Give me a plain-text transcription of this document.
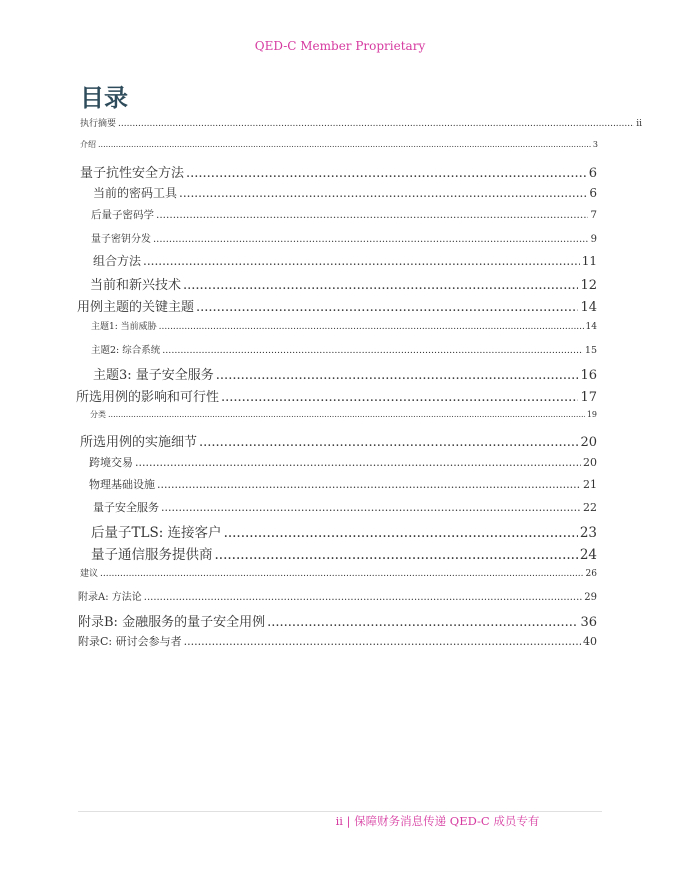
QED-C Member Proprietary
目录
执行摘要 .....	ii
介绍 .....	3
量子抗性安全方法 .....	6
当前的密码工具 .....	6
后量子密码学 .....	7
量子密钥分发 .....	9
组合方法 .....	11
当前和新兴技术 .....	12
用例主题的关键主题 .....	14
主题1: 当前威胁 .....	14
主题2: 综合系统 .....	15
主题3: 量子安全服务 .....	16
所选用例的影响和可行性 .....	17
分类 .....	19
所选用例的实施细节 .....	20
跨境交易 .....	20
物理基础设施 .....	21
量子安全服务 .....	22
后量子TLS: 连接客户 .....	23
量子通信服务提供商 .....	24
建议 .....	26
附录A: 方法论 .....	29
附录B: 金融服务的量子安全用例 .....	36
附录C: 研讨会参与者 .....	40
ii | 保障财务消息传递 QED-C 成员专有
